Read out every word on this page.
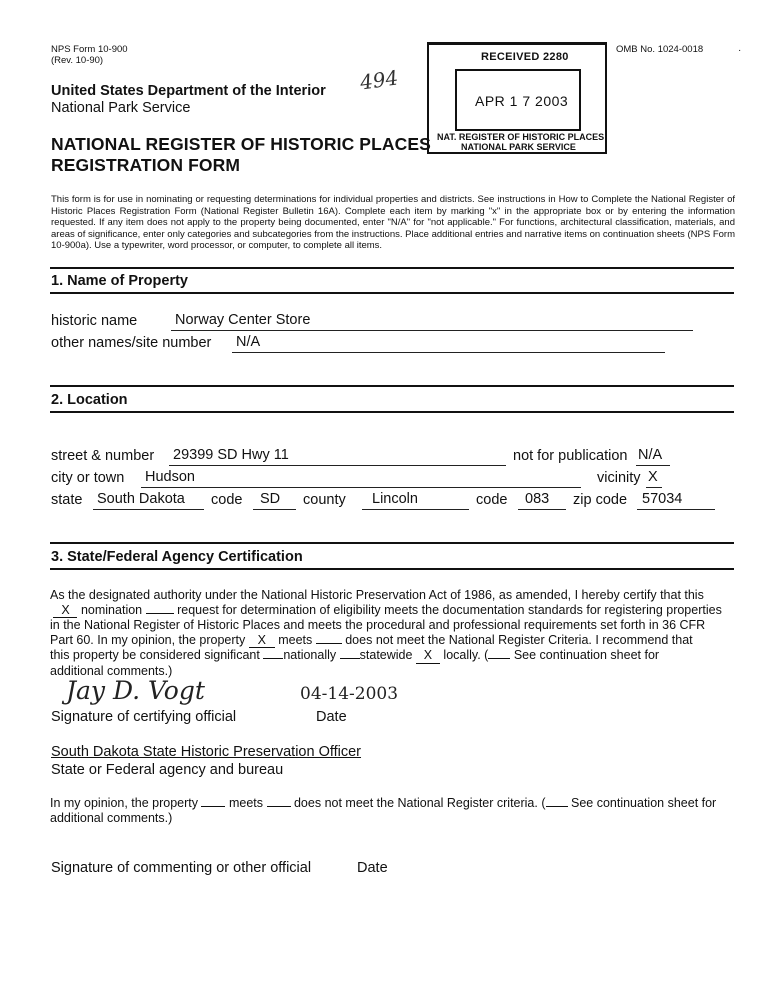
NPS Form 10-900
(Rev. 10-90)
OMB No. 1024-0018
United States Department of the Interior
National Park Service
494
NATIONAL REGISTER OF HISTORIC PLACES
REGISTRATION FORM
RECEIVED 2280
APR 1 7 2003
NAT. REGISTER OF HISTORIC PLACES
NATIONAL PARK SERVICE
·
This form is for use in nominating or requesting determinations for individual properties and districts. See instructions in How to Complete the National Register of Historic Places Registration Form (National Register Bulletin 16A). Complete each item by marking "x" in the appropriate box or by entering the information requested. If any item does not apply to the property being documented, enter "N/A" for "not applicable." For functions, architectural classification, materials, and areas of significance, enter only categories and subcategories from the instructions. Place additional entries and narrative items on continuation sheets (NPS Form 10-900a). Use a typewriter, word processor, or computer, to complete all items.
1. Name of Property
historic name	Norway Center Store
other names/site number N/A
2. Location
street & number 29399 SD Hwy 11	not for publication N/A
city or town Hudson	vicinity X
state South Dakota	code	SD	county	Lincoln	code	083	zip code	57034
3. State/Federal Agency Certification
As the designated authority under the National Historic Preservation Act of 1986, as amended, I hereby certify that this
X nomination	request for determination of eligibility meets the documentation standards for registering properties
in the National Register of Historic Places and meets the procedural and professional requirements set forth in 36 CFR
Part 60. In my opinion, the property X meets	does not meet the National Register Criteria. I recommend that
this property be considered significant nationally statewide X locally. ( See continuation sheet for
additional comments.)
Jay D. Vogt	04-14-2003
Signature of certifying official	Date
South Dakota State Historic Preservation Officer
State or Federal agency and bureau
In my opinion, the property meets does not meet the National Register criteria. ( See continuation sheet for
additional comments.)
Signature of commenting or other official	Date
